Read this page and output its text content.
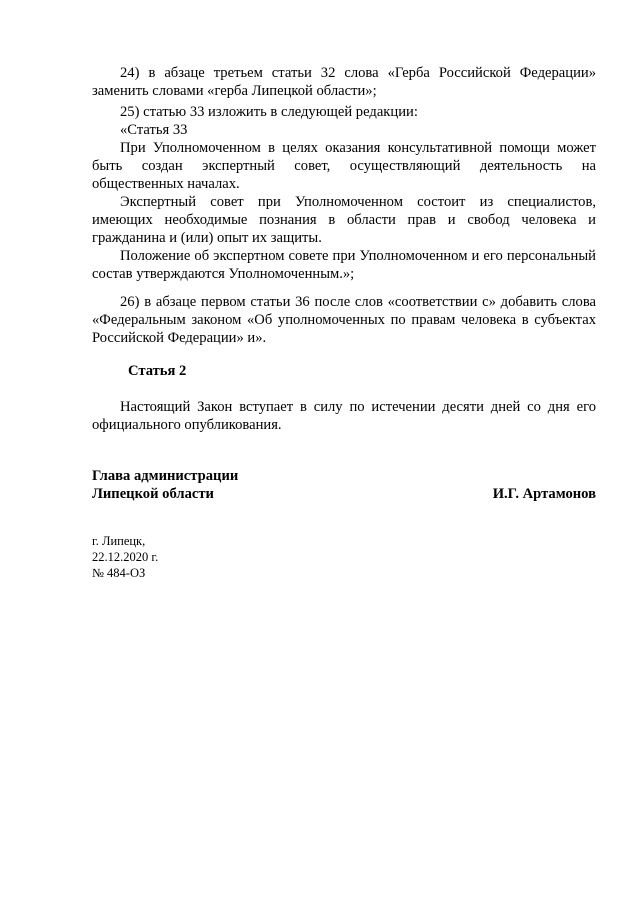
24) в абзаце третьем статьи 32 слова «Герба Российской Федерации» заменить словами «герба Липецкой области»;

25) статью 33 изложить в следующей редакции:

«Статья 33

При Уполномоченном в целях оказания консультативной помощи может быть создан экспертный совет, осуществляющий деятельность на общественных началах.

Экспертный совет при Уполномоченном состоит из специалистов, имеющих необходимые познания в области прав и свобод человека и гражданина и (или) опыт их защиты.

Положение об экспертном совете при Уполномоченном и его персональный состав утверждаются Уполномоченным.»;

26) в абзаце первом статьи 36 после слов «соответствии с» добавить слова «Федеральным законом «Об уполномоченных по правам человека в субъектах Российской Федерации» и».

Статья 2

Настоящий Закон вступает в силу по истечении десяти дней со дня его официального опубликования.

Глава администрации

Липецкой области	И.Г. Артамонов

г. Липецк,

22.12.2020 г.

№ 484-ОЗ
